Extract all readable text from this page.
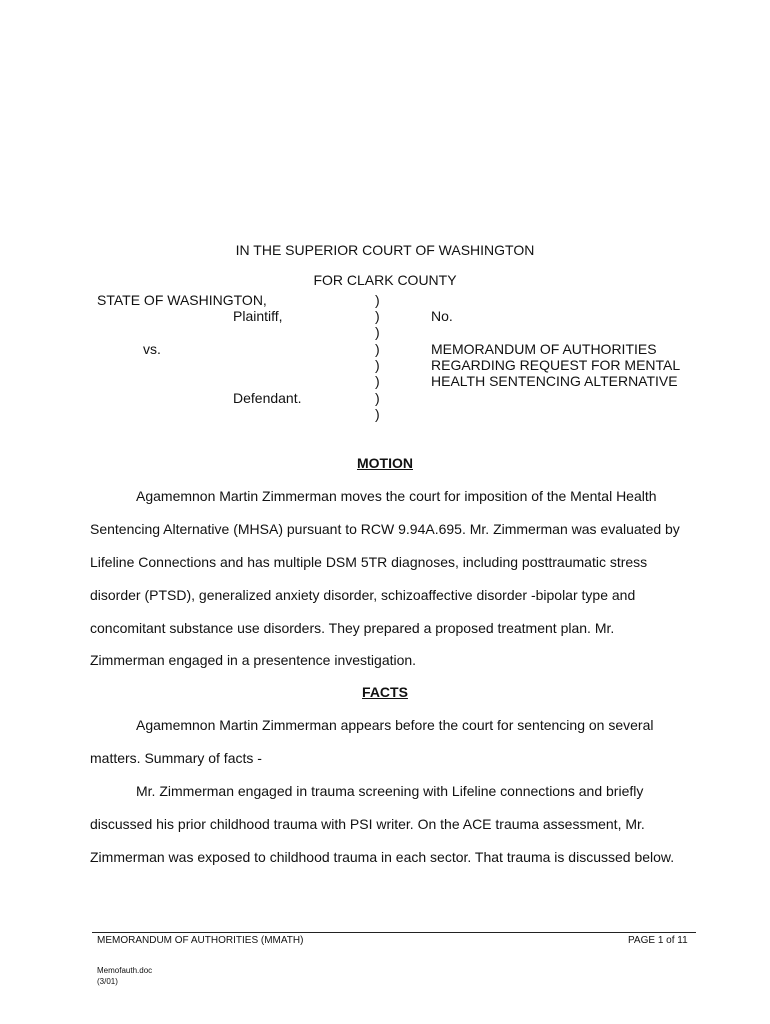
IN THE SUPERIOR COURT OF WASHINGTON
FOR CLARK COUNTY
STATE OF WASHINGTON,
Plaintiff,
vs.
Defendant.
)
)
)
)
)
)
)
)
No.
MEMORANDUM OF AUTHORITIES
REGARDING REQUEST FOR MENTAL
HEALTH SENTENCING ALTERNATIVE
MOTION
Agamemnon Martin Zimmerman moves the court for imposition of the Mental Health
Sentencing Alternative (MHSA) pursuant to RCW 9.94A.695. Mr. Zimmerman was evaluated by
Lifeline Connections and has multiple DSM 5TR diagnoses, including posttraumatic stress
disorder (PTSD), generalized anxiety disorder, schizoaffective disorder -bipolar type and
concomitant substance use disorders. They prepared a proposed treatment plan. Mr.
Zimmerman engaged in a presentence investigation.
FACTS
Agamemnon Martin Zimmerman appears before the court for sentencing on several
matters. Summary of facts -
Mr. Zimmerman engaged in trauma screening with Lifeline connections and briefly
discussed his prior childhood trauma with PSI writer. On the ACE trauma assessment, Mr.
Zimmerman was exposed to childhood trauma in each sector. That trauma is discussed below.
MEMORANDUM OF AUTHORITIES (MMATH)	PAGE 1 of 11
Memofauth.doc
(3/01)
